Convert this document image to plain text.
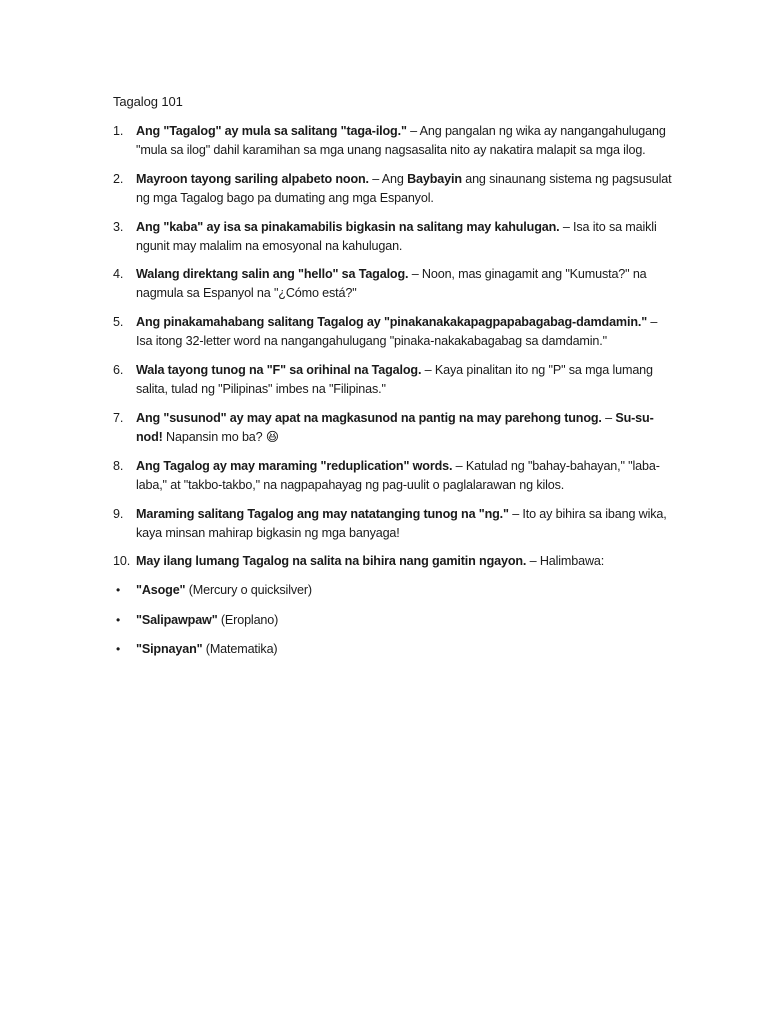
Tagalog 101
1. Ang "Tagalog" ay mula sa salitang "taga-ilog." – Ang pangalan ng wika ay nangangahulugang "mula sa ilog" dahil karamihan sa mga unang nagsasalita nito ay nakatira malapit sa mga ilog.
2. Mayroon tayong sariling alpabeto noon. – Ang Baybayin ang sinaunang sistema ng pagsusulat ng mga Tagalog bago pa dumating ang mga Espanyol.
3. Ang "kaba" ay isa sa pinakamabilis bigkasin na salitang may kahulugan. – Isa ito sa maikli ngunit may malalim na emosyonal na kahulugan.
4. Walang direktang salin ang "hello" sa Tagalog. – Noon, mas ginagamit ang "Kumusta?" na nagmula sa Espanyol na "¿Cómo está?"
5. Ang pinakamahabang salitang Tagalog ay "pinakanakakapagpapabagabag-damdamin." – Isa itong 32-letter word na nangangahulugang "pinaka-nakakabagabag sa damdamin."
6. Wala tayong tunog na "F" sa orihinal na Tagalog. – Kaya pinalitan ito ng "P" sa mga lumang salita, tulad ng "Pilipinas" imbes na "Filipinas."
7. Ang "susunod" ay may apat na magkasunod na pantig na may parehong tunog. – Su-su-nod! Napansin mo ba? 😆
8. Ang Tagalog ay may maraming "reduplication" words. – Katulad ng "bahay-bahayan," "laba-laba," at "takbo-takbo," na nagpapahayag ng pag-uulit o paglalarawan ng kilos.
9. Maraming salitang Tagalog ang may natatanging tunog na "ng." – Ito ay bihira sa ibang wika, kaya minsan mahirap bigkasin ng mga banyaga!
10. May ilang lumang Tagalog na salita na bihira nang gamitin ngayon. – Halimbawa:
• "Asoge" (Mercury o quicksilver)
• "Salipawpaw" (Eroplano)
• "Sipnayan" (Matematika)
